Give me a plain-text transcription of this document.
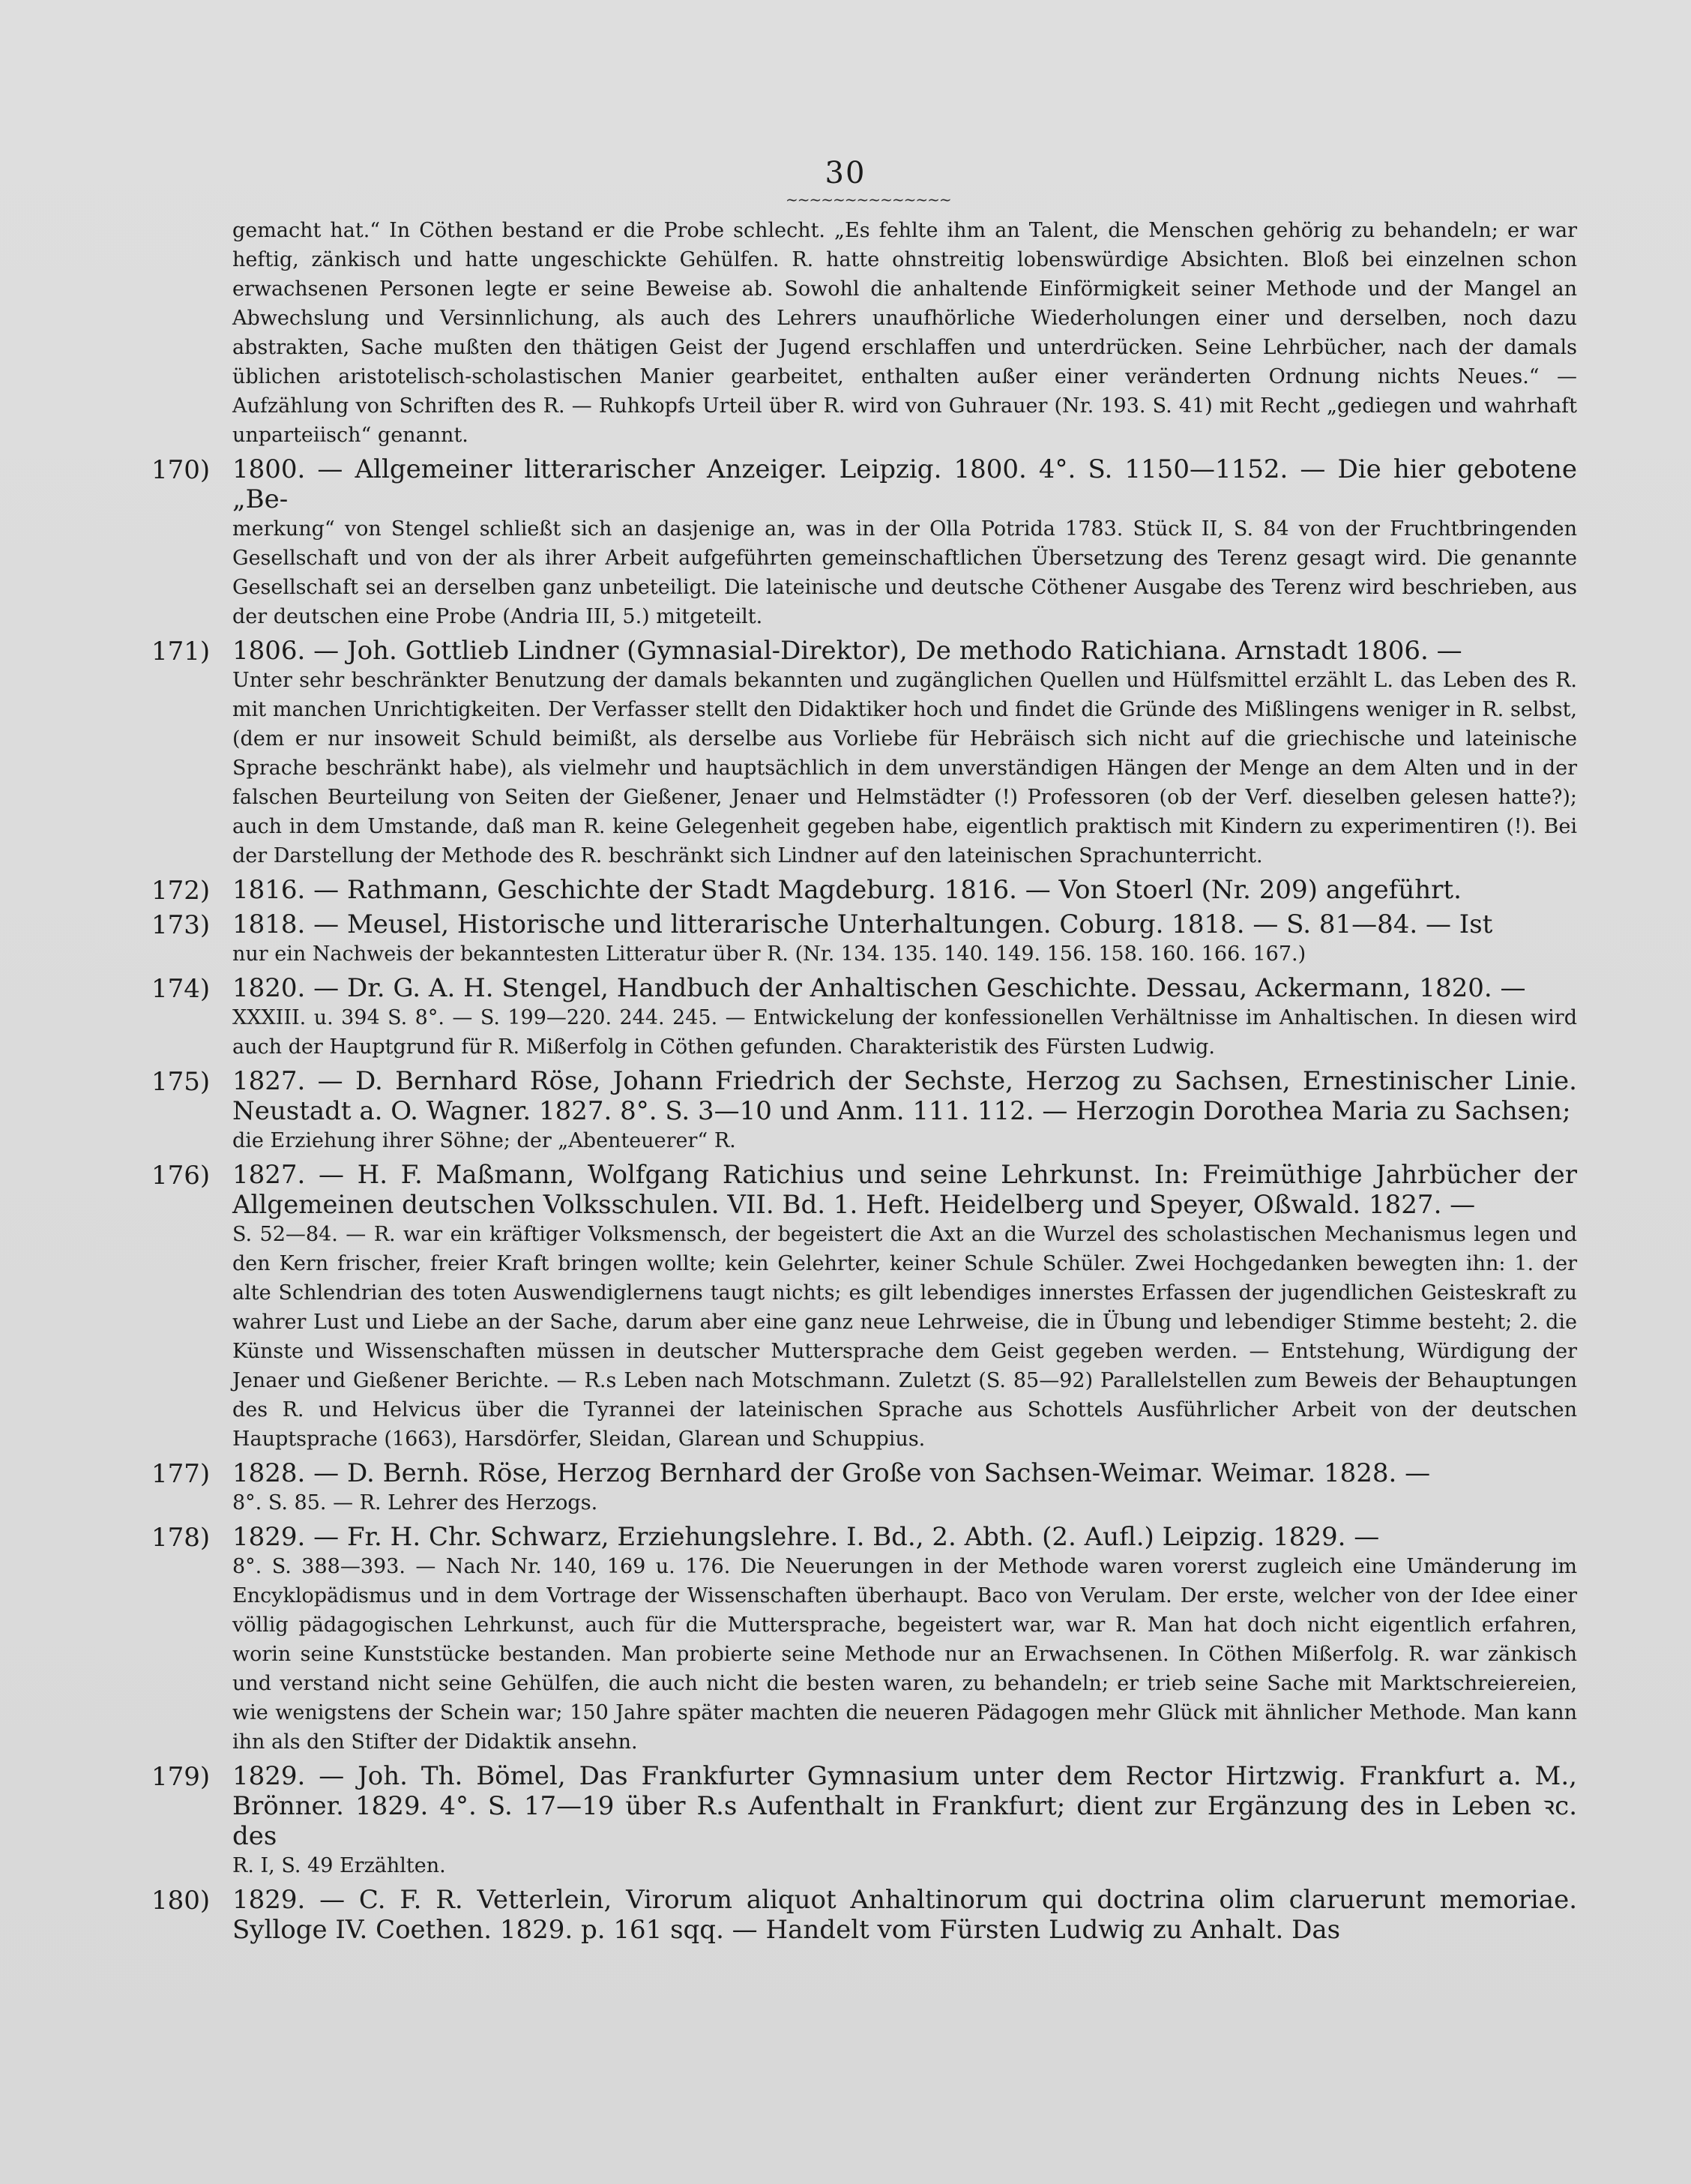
30
~~~~~~~~~~~~~~

gemacht hat.“ In Cöthen bestand er die Probe schlecht. „Es fehlte ihm an Talent, die Menschen gehörig zu behandeln; er war heftig, zänkisch und hatte ungeschickte Gehülfen. R. hatte ohnstreitig lobenswürdige Absichten. Bloß bei einzelnen schon erwachsenen Personen legte er seine Beweise ab. Sowohl die anhaltende Einförmigkeit seiner Methode und der Mangel an Abwechslung und Versinnlichung, als auch des Lehrers unaufhörliche Wiederholungen einer und derselben, noch dazu abstrakten, Sache mußten den thätigen Geist der Jugend erschlaffen und unterdrücken. Seine Lehrbücher, nach der damals üblichen aristotelisch-scholastischen Manier gearbeitet, enthalten außer einer veränderten Ordnung nichts Neues.“ — Aufzählung von Schriften des R. — Ruhkopfs Urteil über R. wird von Guhrauer (Nr. 193. S. 41) mit Recht „gediegen und wahrhaft unparteiisch“ genannt.

170) 1800. — Allgemeiner litterarischer Anzeiger. Leipzig. 1800. 4°. S. 1150—1152. — Die hier gebotene „Be-
merkung“ von Stengel schließt sich an dasjenige an, was in der Olla Potrida 1783. Stück II, S. 84 von der Fruchtbringenden Gesellschaft und von der als ihrer Arbeit aufgeführten gemeinschaftlichen Übersetzung des Terenz gesagt wird. Die genannte Gesellschaft sei an derselben ganz unbeteiligt. Die lateinische und deutsche Cöthener Ausgabe des Terenz wird beschrieben, aus der deutschen eine Probe (Andria III, 5.) mitgeteilt.
171) 1806. — Joh. Gottlieb Lindner (Gymnasial-Direktor), De methodo Ratichiana. Arnstadt 1806. —
Unter sehr beschränkter Benutzung der damals bekannten und zugänglichen Quellen und Hülfsmittel erzählt L. das Leben des R. mit manchen Unrichtigkeiten. Der Verfasser stellt den Didaktiker hoch und findet die Gründe des Mißlingens weniger in R. selbst, (dem er nur insoweit Schuld beimißt, als derselbe aus Vorliebe für Hebräisch sich nicht auf die griechische und lateinische Sprache beschränkt habe), als vielmehr und hauptsächlich in dem unverständigen Hängen der Menge an dem Alten und in der falschen Beurteilung von Seiten der Gießener, Jenaer und Helmstädter (!) Professoren (ob der Verf. dieselben gelesen hatte?); auch in dem Umstande, daß man R. keine Gelegenheit gegeben habe, eigentlich praktisch mit Kindern zu experimentiren (!). Bei der Darstellung der Methode des R. beschränkt sich Lindner auf den lateinischen Sprachunterricht.
172) 1816. — Rathmann, Geschichte der Stadt Magdeburg. 1816. — Von Stoerl (Nr. 209) angeführt.
173) 1818. — Meusel, Historische und litterarische Unterhaltungen. Coburg. 1818. — S. 81—84. — Ist
nur ein Nachweis der bekanntesten Litteratur über R. (Nr. 134. 135. 140. 149. 156. 158. 160. 166. 167.)
174) 1820. — Dr. G. A. H. Stengel, Handbuch der Anhaltischen Geschichte. Dessau, Ackermann, 1820. —
XXXIII. u. 394 S. 8°. — S. 199—220. 244. 245. — Entwickelung der konfessionellen Verhältnisse im Anhaltischen. In diesen wird auch der Hauptgrund für R. Mißerfolg in Cöthen gefunden. Charakteristik des Fürsten Ludwig.
175) 1827. — D. Bernhard Röse, Johann Friedrich der Sechste, Herzog zu Sachsen, Ernestinischer Linie. Neustadt a. O. Wagner. 1827. 8°. S. 3—10 und Anm. 111. 112. — Herzogin Dorothea Maria zu Sachsen;
die Erziehung ihrer Söhne; der „Abenteuerer“ R.
176) 1827. — H. F. Maßmann, Wolfgang Ratichius und seine Lehrkunst. In: Freimüthige Jahrbücher der Allgemeinen deutschen Volksschulen. VII. Bd. 1. Heft. Heidelberg und Speyer, Oßwald. 1827. —
S. 52—84. — R. war ein kräftiger Volksmensch, der begeistert die Axt an die Wurzel des scholastischen Mechanismus legen und den Kern frischer, freier Kraft bringen wollte; kein Gelehrter, keiner Schule Schüler. Zwei Hochgedanken bewegten ihn: 1. der alte Schlendrian des toten Auswendiglernens taugt nichts; es gilt lebendiges innerstes Erfassen der jugendlichen Geisteskraft zu wahrer Lust und Liebe an der Sache, darum aber eine ganz neue Lehrweise, die in Übung und lebendiger Stimme besteht; 2. die Künste und Wissenschaften müssen in deutscher Muttersprache dem Geist gegeben werden. — Entstehung, Würdigung der Jenaer und Gießener Berichte. — R.s Leben nach Motschmann. Zuletzt (S. 85—92) Parallelstellen zum Beweis der Behauptungen des R. und Helvicus über die Tyrannei der lateinischen Sprache aus Schottels Ausführlicher Arbeit von der deutschen Hauptsprache (1663), Harsdörfer, Sleidan, Glarean und Schuppius.
177) 1828. — D. Bernh. Röse, Herzog Bernhard der Große von Sachsen-Weimar. Weimar. 1828. —
8°. S. 85. — R. Lehrer des Herzogs.
178) 1829. — Fr. H. Chr. Schwarz, Erziehungslehre. I. Bd., 2. Abth. (2. Aufl.) Leipzig. 1829. —
8°. S. 388—393. — Nach Nr. 140, 169 u. 176. Die Neuerungen in der Methode waren vorerst zugleich eine Umänderung im Encyklopädismus und in dem Vortrage der Wissenschaften überhaupt. Baco von Verulam. Der erste, welcher von der Idee einer völlig pädagogischen Lehrkunst, auch für die Muttersprache, begeistert war, war R. Man hat doch nicht eigentlich erfahren, worin seine Kunststücke bestanden. Man probierte seine Methode nur an Erwachsenen. In Cöthen Mißerfolg. R. war zänkisch und verstand nicht seine Gehülfen, die auch nicht die besten waren, zu behandeln; er trieb seine Sache mit Marktschreiereien, wie wenigstens der Schein war; 150 Jahre später machten die neueren Pädagogen mehr Glück mit ähnlicher Methode. Man kann ihn als den Stifter der Didaktik ansehn.
179) 1829. — Joh. Th. Bömel, Das Frankfurter Gymnasium unter dem Rector Hirtzwig. Frankfurt a. M., Brönner. 1829. 4°. S. 17—19 über R.s Aufenthalt in Frankfurt; dient zur Ergänzung des in Leben ꝛc. des
R. I, S. 49 Erzählten.
180) 1829. — C. F. R. Vetterlein, Virorum aliquot Anhaltinorum qui doctrina olim claruerunt memoriae. Sylloge IV. Coethen. 1829. p. 161 sqq. — Handelt vom Fürsten Ludwig zu Anhalt. Das
